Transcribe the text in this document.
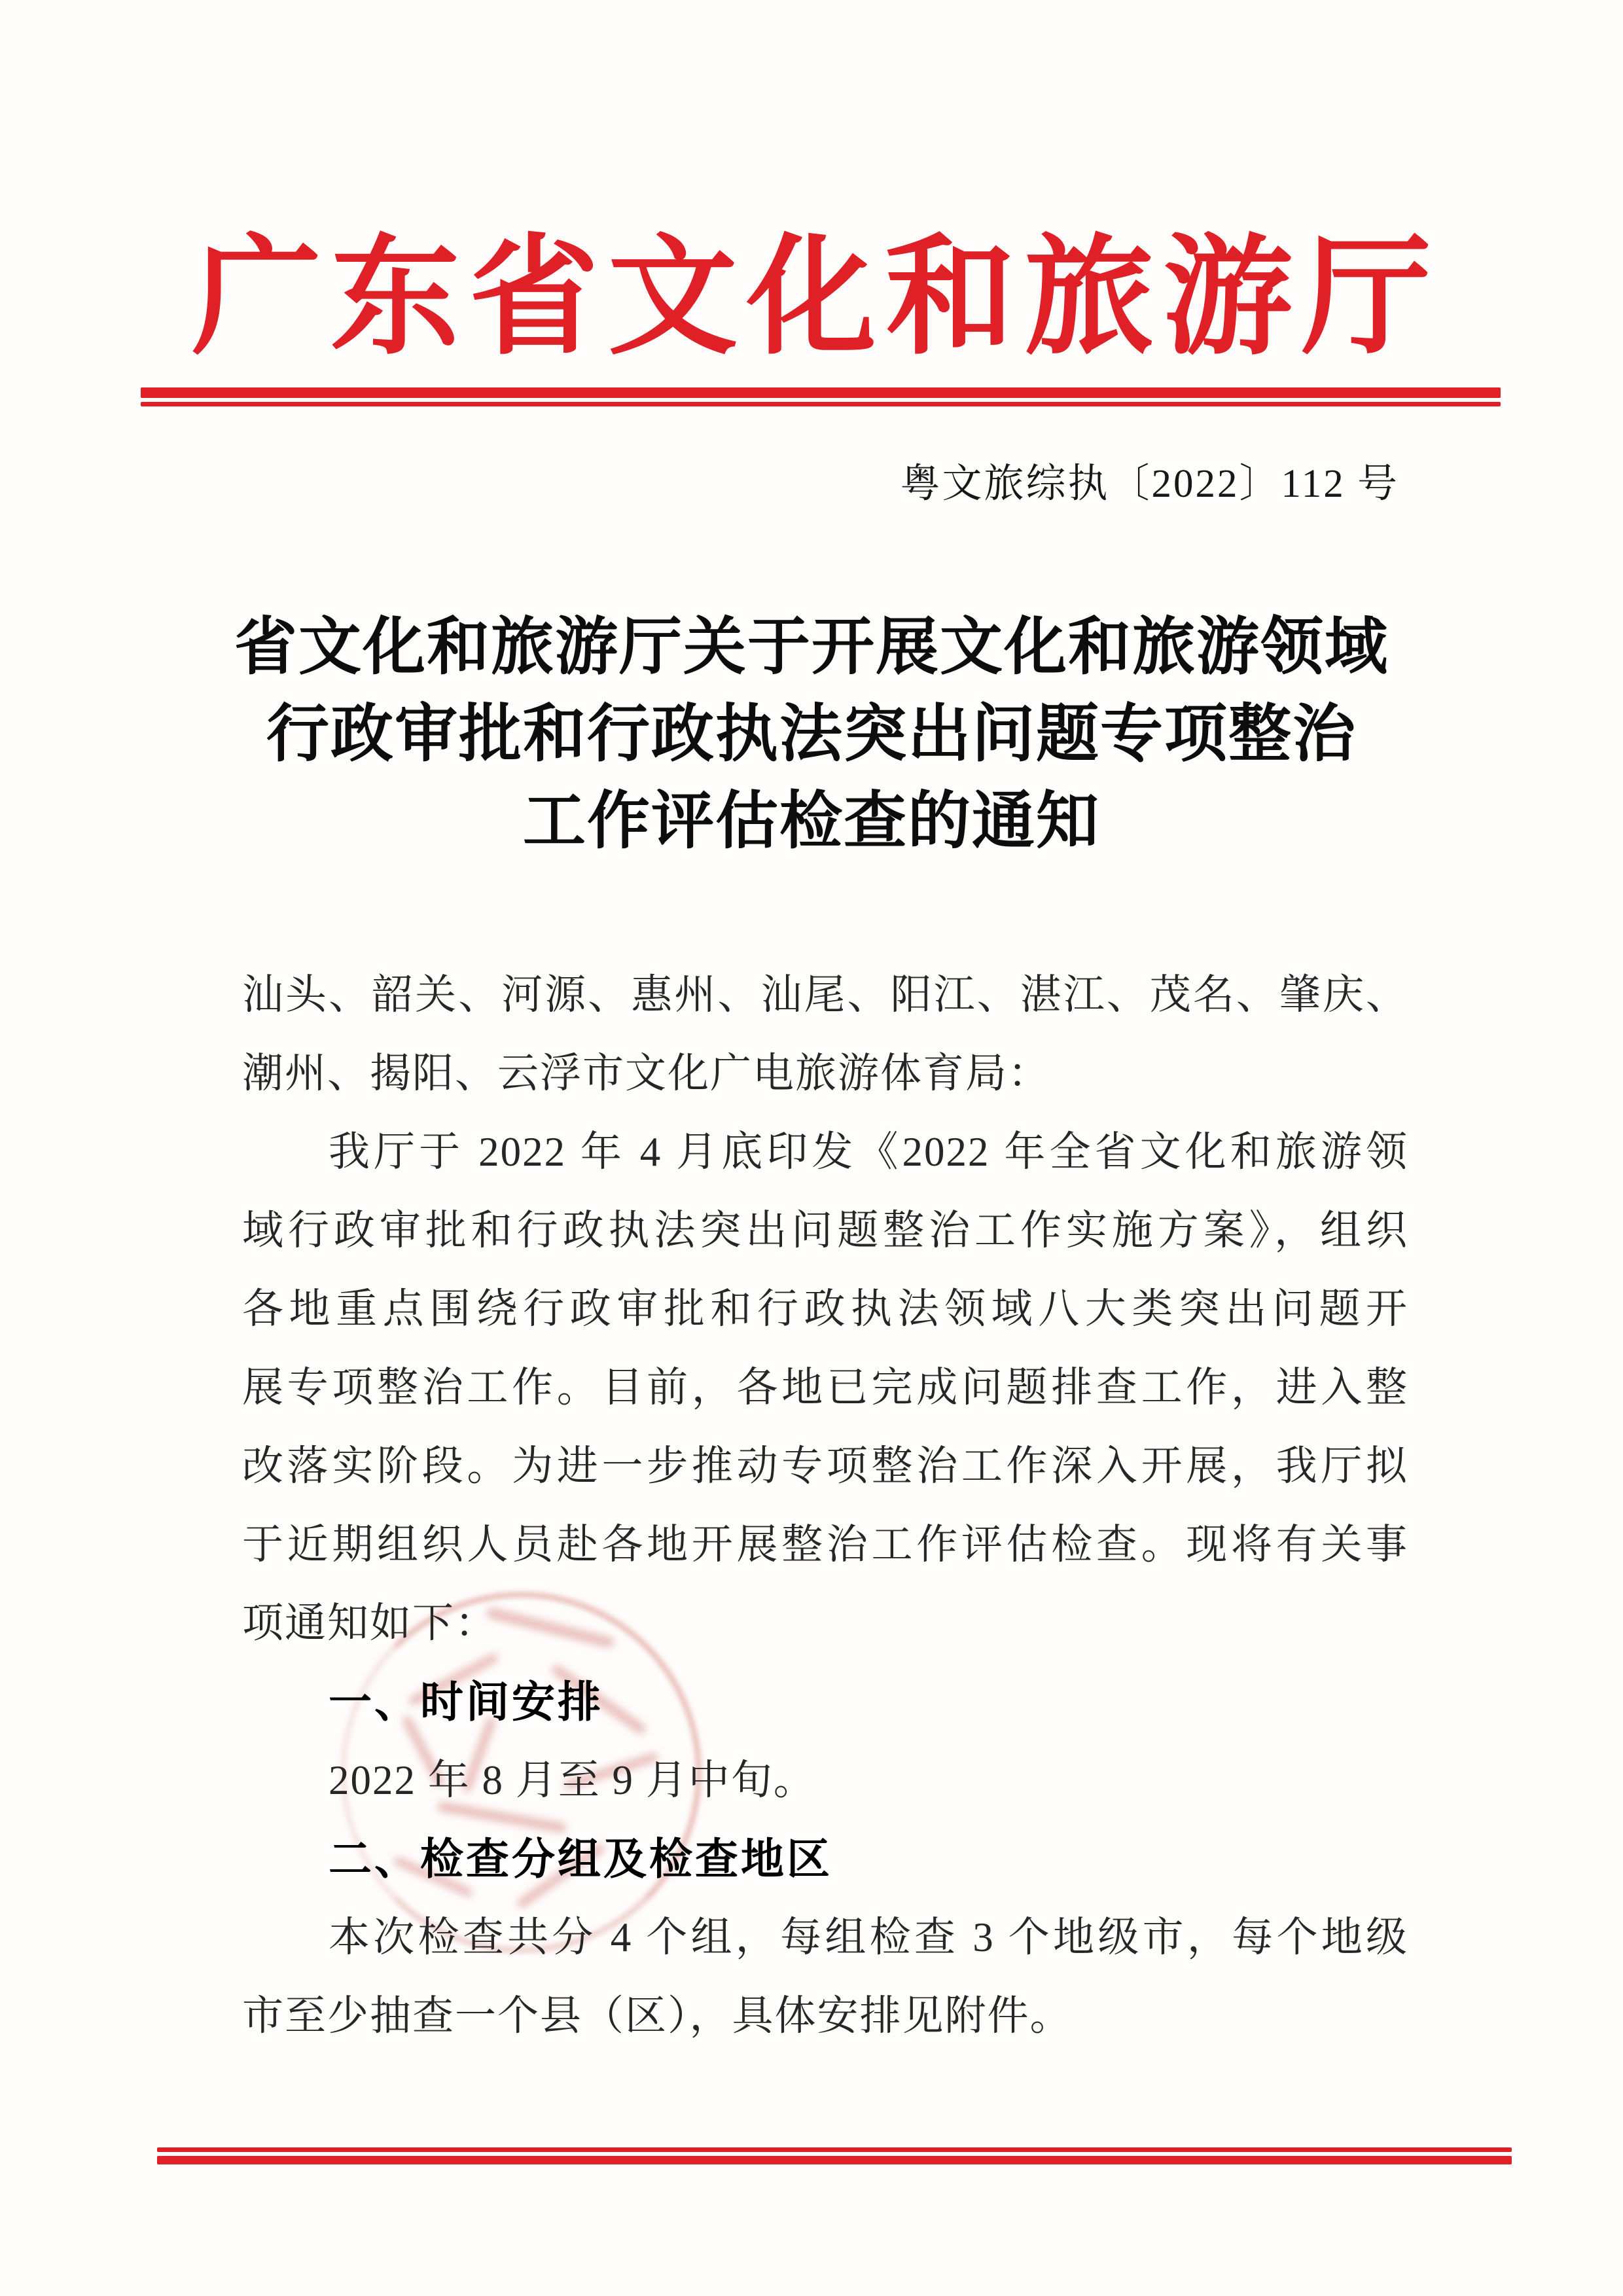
广东省文化和旅游厅
粤文旅综执〔2022〕112 号
省文化和旅游厅关于开展文化和旅游领域
行政审批和行政执法突出问题专项整治
工作评估检查的通知
汕头、韶关、河源、惠州、汕尾、阳江、湛江、茂名、肇庆、
潮州、揭阳、云浮市文化广电旅游体育局：
我厅于 2022 年 4 月底印发《2022 年全省文化和旅游领
域行政审批和行政执法突出问题整治工作实施方案》，组织
各地重点围绕行政审批和行政执法领域八大类突出问题开
展专项整治工作。目前，各地已完成问题排查工作，进入整
改落实阶段。为进一步推动专项整治工作深入开展，我厅拟
于近期组织人员赴各地开展整治工作评估检查。现将有关事
项通知如下：
一、时间安排
2022 年 8 月至 9 月中旬。
二、检查分组及检查地区
本次检查共分 4 个组，每组检查 3 个地级市，每个地级
市至少抽查一个县（区），具体安排见附件。
